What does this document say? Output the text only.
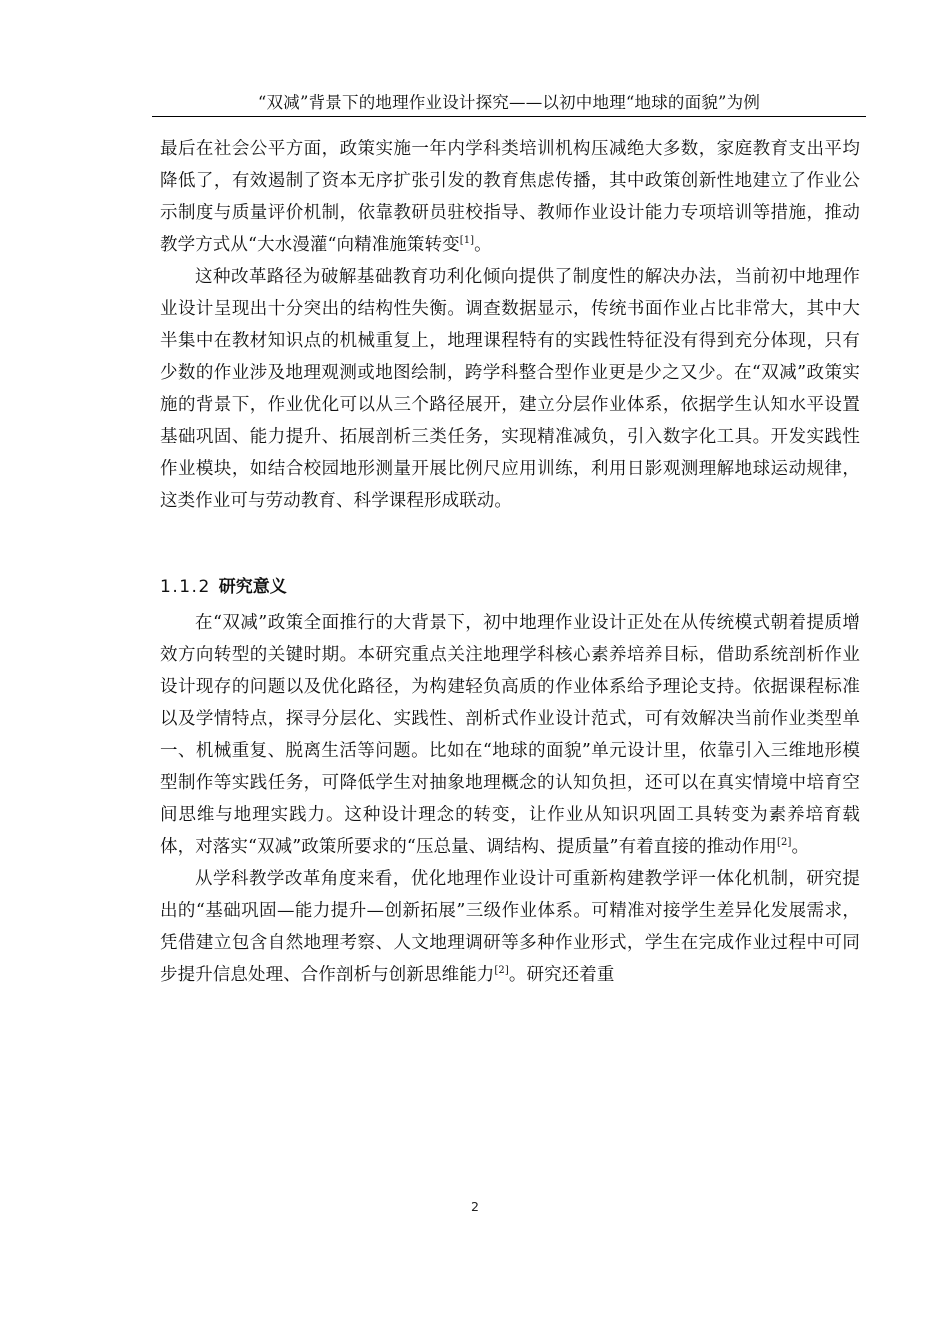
“双减”背景下的地理作业设计探究——以初中地理“地球的面貌”为例

最后在社会公平方面，政策实施一年内学科类培训机构压减绝大多数，家庭教育支出平均降低了，有效遏制了资本无序扩张引发的教育焦虑传播，其中政策创新性地建立了作业公示制度与质量评价机制，依靠教研员驻校指导、教师作业设计能力专项培训等措施，推动教学方式从“大水漫灌“向精准施策转变[1]。

这种改革路径为破解基础教育功利化倾向提供了制度性的解决办法，当前初中地理作业设计呈现出十分突出的结构性失衡。调查数据显示，传统书面作业占比非常大，其中大半集中在教材知识点的机械重复上，地理课程特有的实践性特征没有得到充分体现，只有少数的作业涉及地理观测或地图绘制，跨学科整合型作业更是少之又少。在“双减”政策实施的背景下，作业优化可以从三个路径展开，建立分层作业体系，依据学生认知水平设置基础巩固、能力提升、拓展剖析三类任务，实现精准减负，引入数字化工具。开发实践性作业模块，如结合校园地形测量开展比例尺应用训练，利用日影观测理解地球运动规律，这类作业可与劳动教育、科学课程形成联动。

1.1.2 研究意义

在“双减”政策全面推行的大背景下，初中地理作业设计正处在从传统模式朝着提质增效方向转型的关键时期。本研究重点关注地理学科核心素养培养目标，借助系统剖析作业设计现存的问题以及优化路径，为构建轻负高质的作业体系给予理论支持。依据课程标准以及学情特点，探寻分层化、实践性、剖析式作业设计范式，可有效解决当前作业类型单一、机械重复、脱离生活等问题。比如在“地球的面貌”单元设计里，依靠引入三维地形模型制作等实践任务，可降低学生对抽象地理概念的认知负担，还可以在真实情境中培育空间思维与地理实践力。这种设计理念的转变，让作业从知识巩固工具转变为素养培育载体，对落实“双减”政策所要求的“压总量、调结构、提质量”有着直接的推动作用[2]。

从学科教学改革角度来看，优化地理作业设计可重新构建教学评一体化机制，研究提出的“基础巩固—能力提升—创新拓展”三级作业体系。可精准对接学生差异化发展需求，凭借建立包含自然地理考察、人文地理调研等多种作业形式，学生在完成作业过程中可同步提升信息处理、合作剖析与创新思维能力[2]。研究还着重

2
